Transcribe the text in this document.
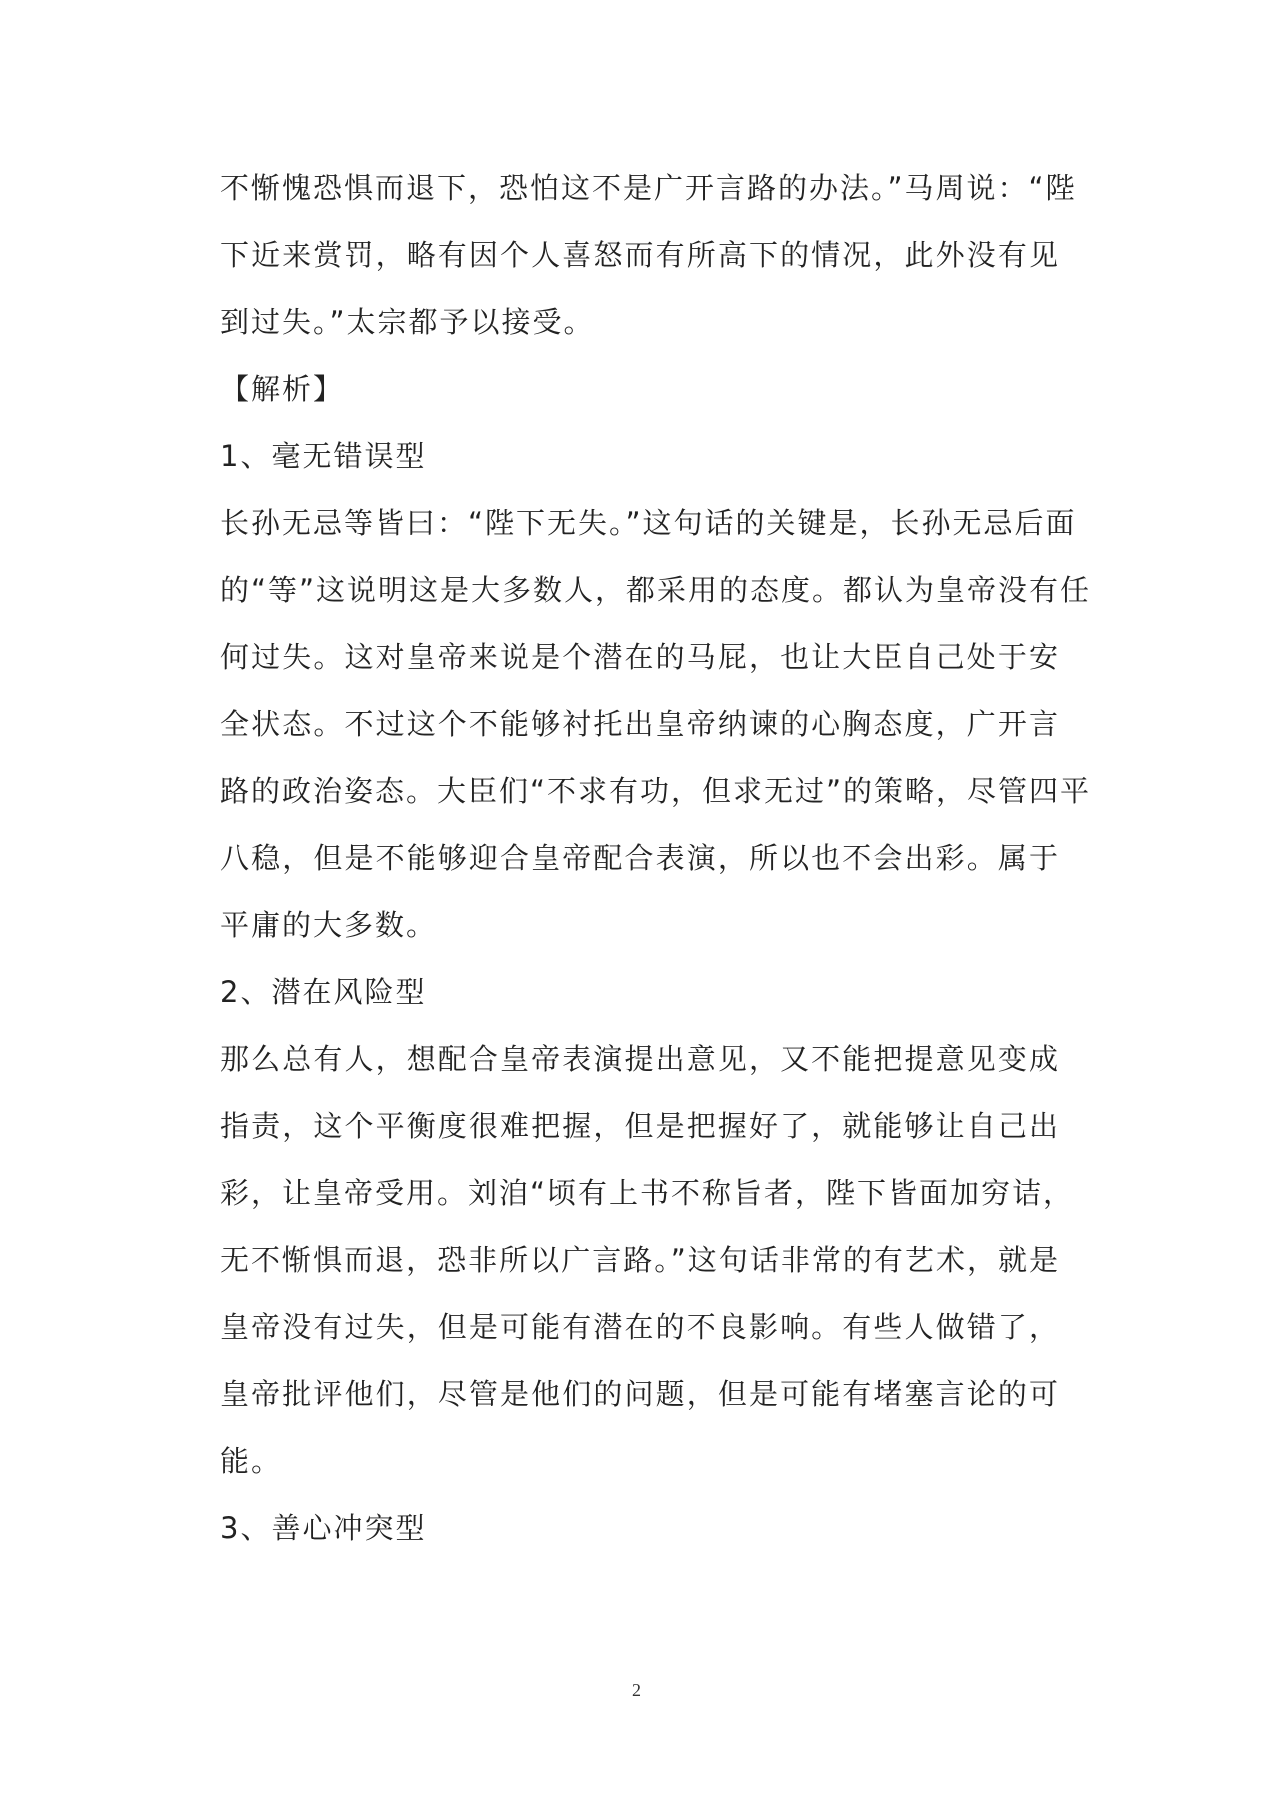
不惭愧恐惧而退下，恐怕这不是广开言路的办法。”马周说：“陛
下近来赏罚，略有因个人喜怒而有所高下的情况，此外没有见
到过失。”太宗都予以接受。
【解析】
1、毫无错误型
长孙无忌等皆曰：“陛下无失。”这句话的关键是，长孙无忌后面
的“等”这说明这是大多数人，都采用的态度。都认为皇帝没有任
何过失。这对皇帝来说是个潜在的马屁，也让大臣自己处于安
全状态。不过这个不能够衬托出皇帝纳谏的心胸态度，广开言
路的政治姿态。大臣们“不求有功，但求无过”的策略，尽管四平
八稳，但是不能够迎合皇帝配合表演，所以也不会出彩。属于
平庸的大多数。
2、潜在风险型
那么总有人，想配合皇帝表演提出意见，又不能把提意见变成
指责，这个平衡度很难把握，但是把握好了，就能够让自己出
彩，让皇帝受用。刘洎“顷有上书不称旨者，陛下皆面加穷诘，
无不惭惧而退，恐非所以广言路。”这句话非常的有艺术，就是
皇帝没有过失，但是可能有潜在的不良影响。有些人做错了，
皇帝批评他们，尽管是他们的问题，但是可能有堵塞言论的可
能。
3、善心冲突型
2
